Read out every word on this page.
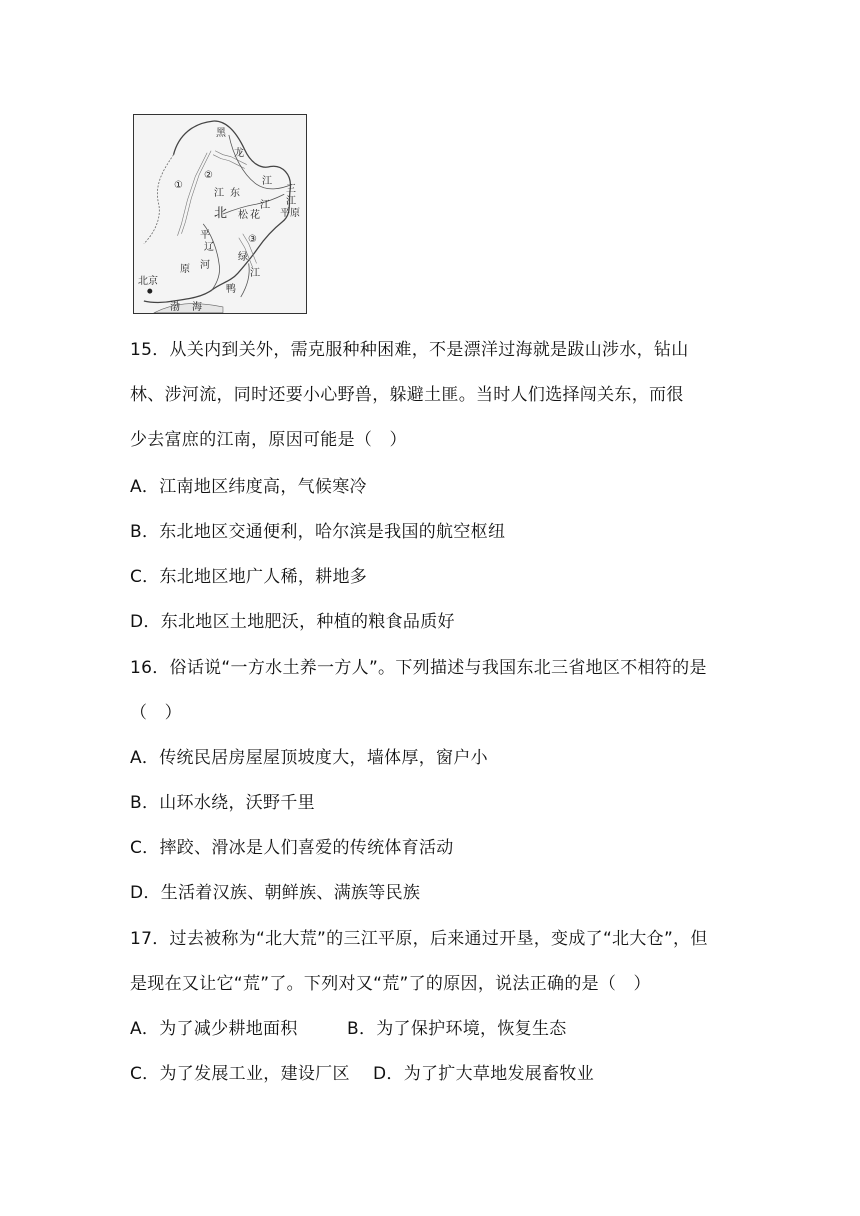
黑
龙
江
东
江
北
江
松 花
平
辽
原 河
绿
江
鸭
渤 海
北京
①
②
③
三
江
平原
15．从关内到关外，需克服种种困难，不是漂洋过海就是跋山涉水，钻山
林、涉河流，同时还要小心野兽，躲避土匪。当时人们选择闯关东，而很
少去富庶的江南，原因可能是（　）
A．江南地区纬度高，气候寒冷
B．东北地区交通便利，哈尔滨是我国的航空枢纽
C．东北地区地广人稀，耕地多
D．东北地区土地肥沃，种植的粮食品质好
16．俗话说“一方水土养一方人”。下列描述与我国东北三省地区不相符的是
（　）
A．传统民居房屋屋顶坡度大，墙体厚，窗户小
B．山环水绕，沃野千里
C．摔跤、滑冰是人们喜爱的传统体育活动
D．生活着汉族、朝鲜族、满族等民族
17．过去被称为“北大荒”的三江平原，后来通过开垦，变成了“北大仓”，但
是现在又让它“荒”了。下列对又“荒”了的原因，说法正确的是（　）
A．为了减少耕地面积	B．为了保护环境，恢复生态
C．为了发展工业，建设厂区 D．为了扩大草地发展畜牧业
